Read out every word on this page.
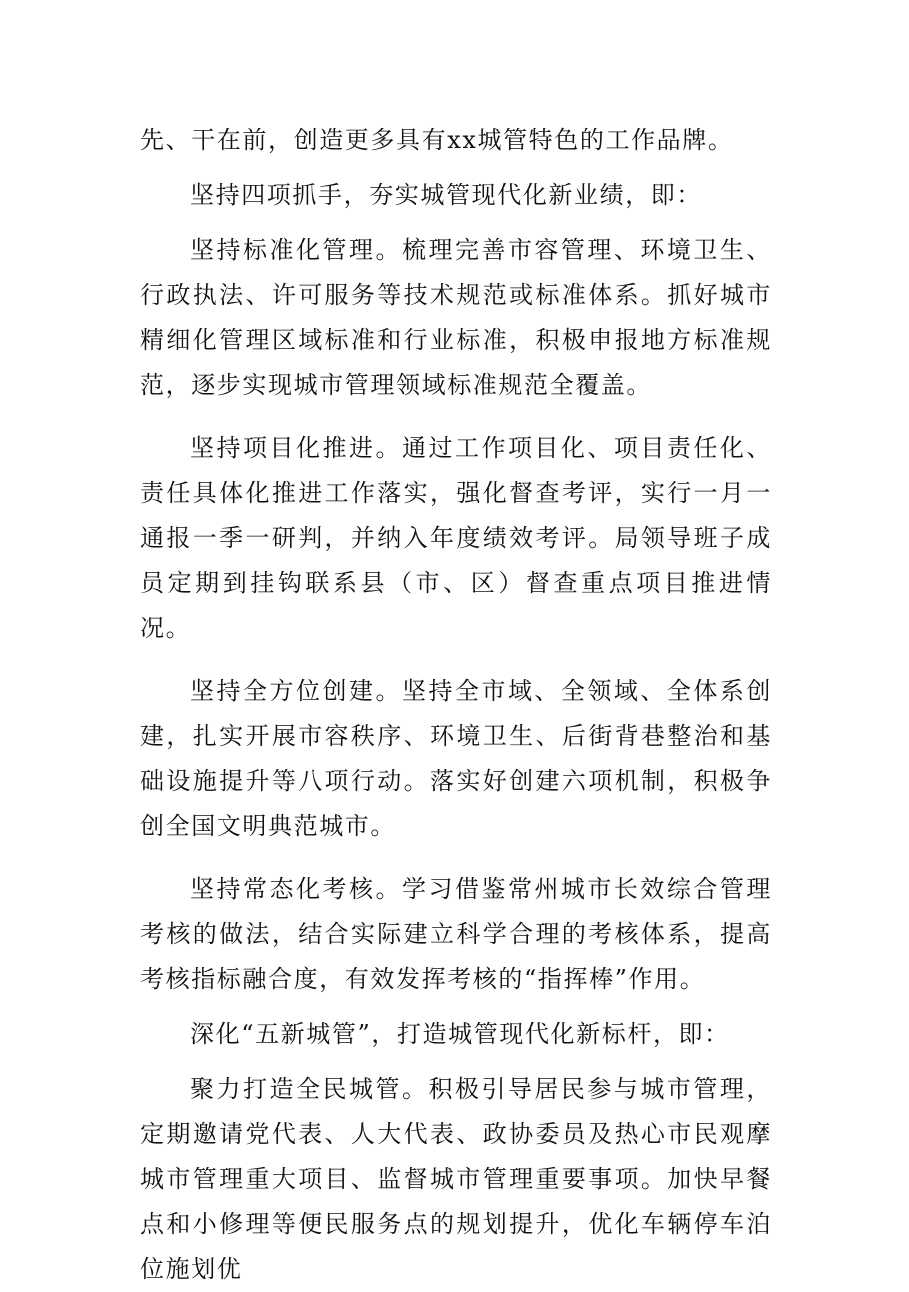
先、干在前，创造更多具有xx城管特色的工作品牌。

坚持四项抓手，夯实城管现代化新业绩，即：

坚持标准化管理。梳理完善市容管理、环境卫生、行政执法、许可服务等技术规范或标准体系。抓好城市精细化管理区域标准和行业标准，积极申报地方标准规范，逐步实现城市管理领域标准规范全覆盖。

坚持项目化推进。通过工作项目化、项目责任化、责任具体化推进工作落实，强化督查考评，实行一月一通报一季一研判，并纳入年度绩效考评。局领导班子成员定期到挂钩联系县（市、区）督查重点项目推进情况。

坚持全方位创建。坚持全市域、全领域、全体系创建，扎实开展市容秩序、环境卫生、后街背巷整治和基础设施提升等八项行动。落实好创建六项机制，积极争创全国文明典范城市。

坚持常态化考核。学习借鉴常州城市长效综合管理考核的做法，结合实际建立科学合理的考核体系，提高考核指标融合度，有效发挥考核的“指挥棒”作用。

深化“五新城管”，打造城管现代化新标杆，即：

聚力打造全民城管。积极引导居民参与城市管理，定期邀请党代表、人大代表、政协委员及热心市民观摩城市管理重大项目、监督城市管理重要事项。加快早餐点和小修理等便民服务点的规划提升，优化车辆停车泊位施划优
